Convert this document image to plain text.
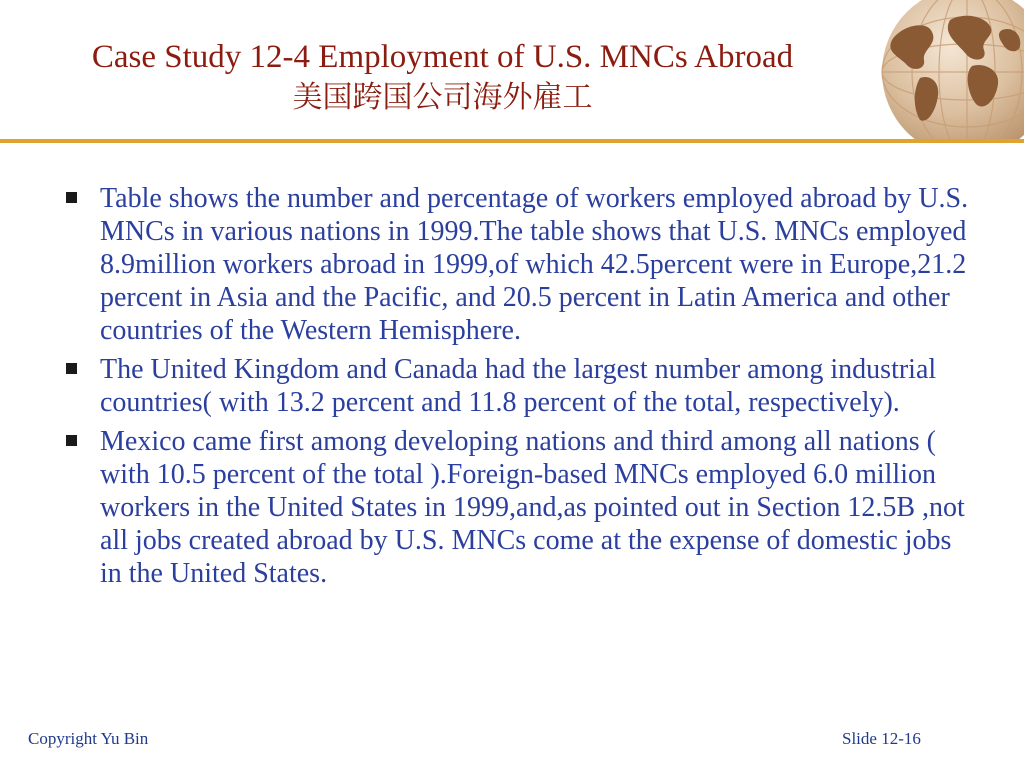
Case Study 12-4 Employment of U.S. MNCs Abroad
美国跨国公司海外雇工
Table shows the number and percentage of workers employed abroad by U.S. MNCs in various nations in 1999.The table shows that U.S. MNCs employed 8.9million workers abroad in 1999,of which 42.5percent were in Europe,21.2 percent in Asia and the Pacific, and 20.5 percent in Latin America and other countries of the Western Hemisphere.
The United Kingdom and Canada had the largest number among industrial countries( with 13.2 percent and 11.8 percent of the total, respectively).
Mexico came first among developing nations and third among all nations ( with 10.5 percent of the total ).Foreign-based MNCs employed 6.0 million workers in the United States in 1999,and,as pointed out in Section 12.5B ,not all jobs created abroad by U.S. MNCs come at the expense of domestic jobs in the United States.
Copyright Yu Bin	Slide 12-16
